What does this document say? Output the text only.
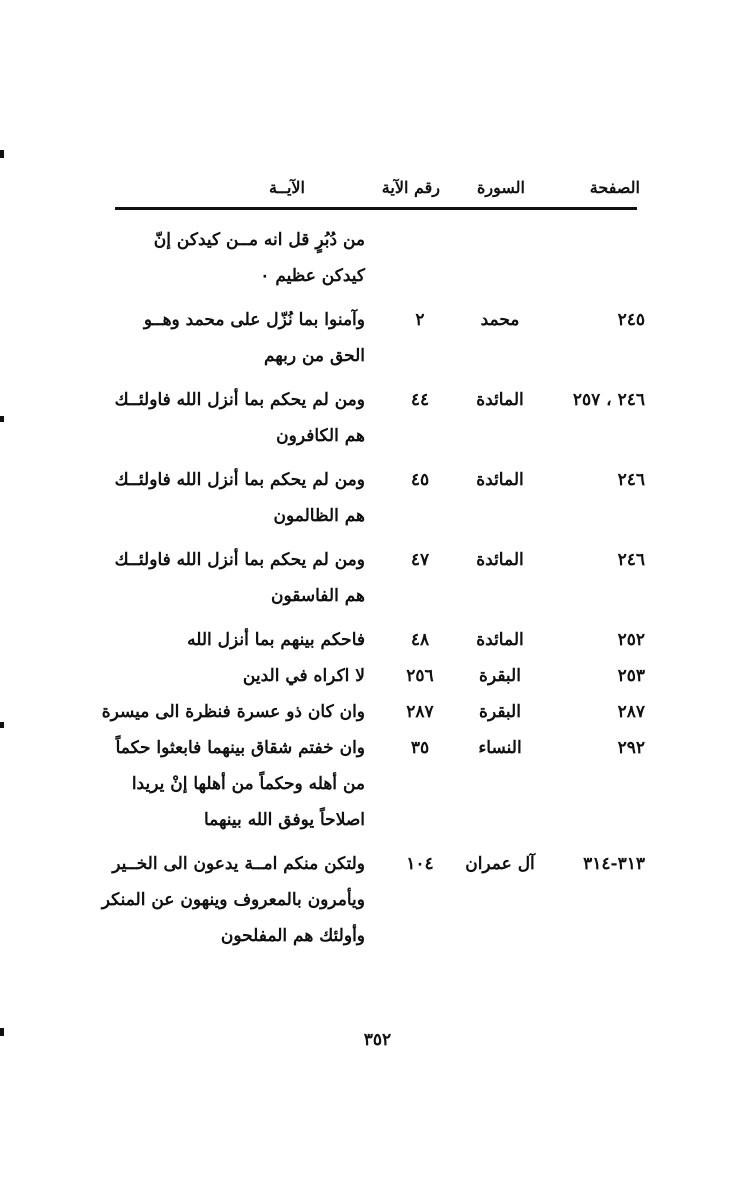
الصفحة
السورة
رقم الآية
الآيــة
من دُبُرٍ قل انه مــن كيدكن إنّ
كيدكن عظيم ٠
٢٤٥
محمد
٢
وآمنوا بما نُزّل على محمد وهــو
الحق من ربهم
٢٤٦ ، ٢٥٧
المائدة
٤٤
ومن لم يحكم بما أنزل الله فاولئــك
هم الكافرون
٢٤٦
المائدة
٤٥
ومن لم يحكم بما أنزل الله فاولئــك
هم الظالمون
٢٤٦
المائدة
٤٧
ومن لم يحكم بما أنزل الله فاولئــك
هم الفاسقون
٢٥٢
المائدة
٤٨
فاحكم بينهم بما أنزل الله
٢٥٣
البقرة
٢٥٦
لا اكراه في الدين
٢٨٧
البقرة
٢٨٧
وان كان ذو عسرة فنظرة الى ميسرة
٢٩٢
النساء
٣٥
وان خفتم شقاق بينهما فابعثوا حكماً
من أهله وحكماً من أهلها إنْ يريدا
اصلاحاً يوفق الله بينهما
٣١٣-٣١٤
آل عمران
١٠٤
ولتكن منكم امــة يدعون الى الخــير
ويأمرون بالمعروف وينهون عن المنكر
وأولئك هم المفلحون
٣٥٢
